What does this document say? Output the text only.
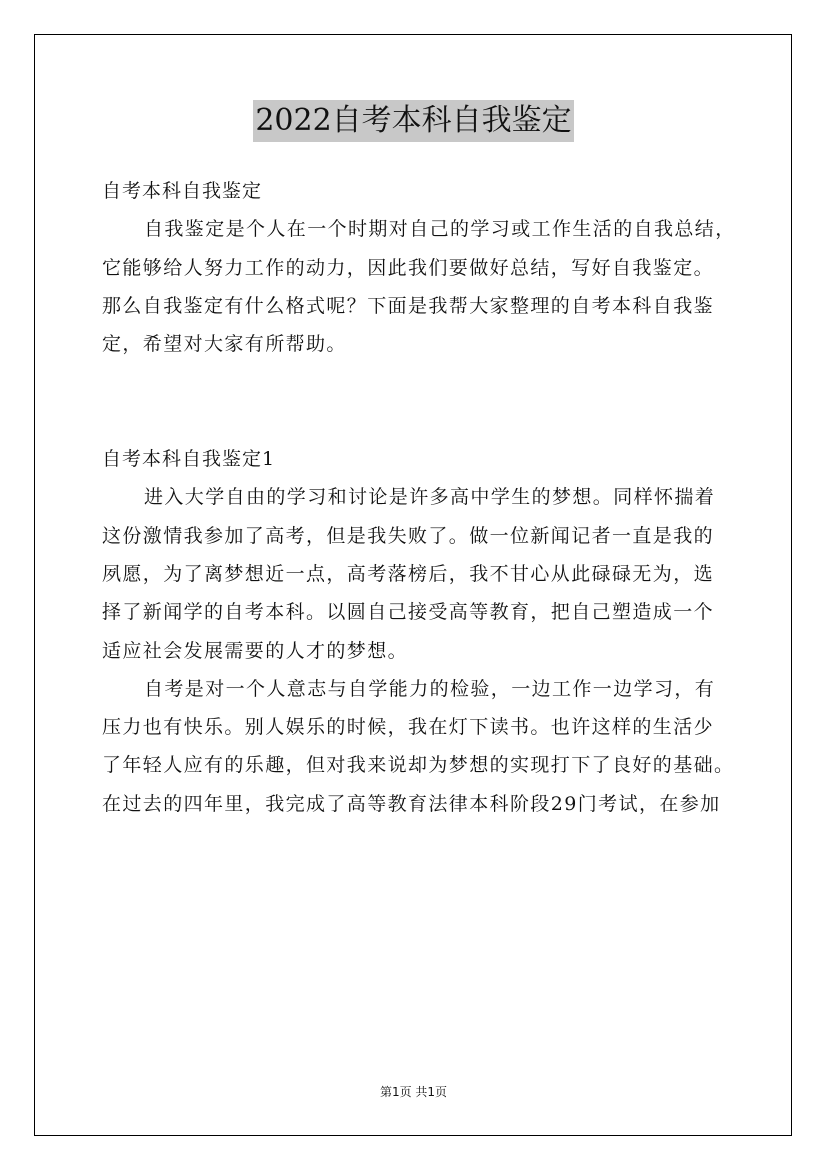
2022自考本科自我鉴定
自考本科自我鉴定
自我鉴定是个人在一个时期对自己的学习或工作生活的自我总结，
它能够给人努力工作的动力，因此我们要做好总结，写好自我鉴定。
那么自我鉴定有什么格式呢？下面是我帮大家整理的自考本科自我鉴
定，希望对大家有所帮助。
自考本科自我鉴定1
进入大学自由的学习和讨论是许多高中学生的梦想。同样怀揣着
这份激情我参加了高考，但是我失败了。做一位新闻记者一直是我的
夙愿，为了离梦想近一点，高考落榜后，我不甘心从此碌碌无为，选
择了新闻学的自考本科。以圆自己接受高等教育，把自己塑造成一个
适应社会发展需要的人才的梦想。
自考是对一个人意志与自学能力的检验，一边工作一边学习，有
压力也有快乐。别人娱乐的时候，我在灯下读书。也许这样的生活少
了年轻人应有的乐趣，但对我来说却为梦想的实现打下了良好的基础。
在过去的四年里，我完成了高等教育法律本科阶段29门考试，在参加
第1页 共1页
